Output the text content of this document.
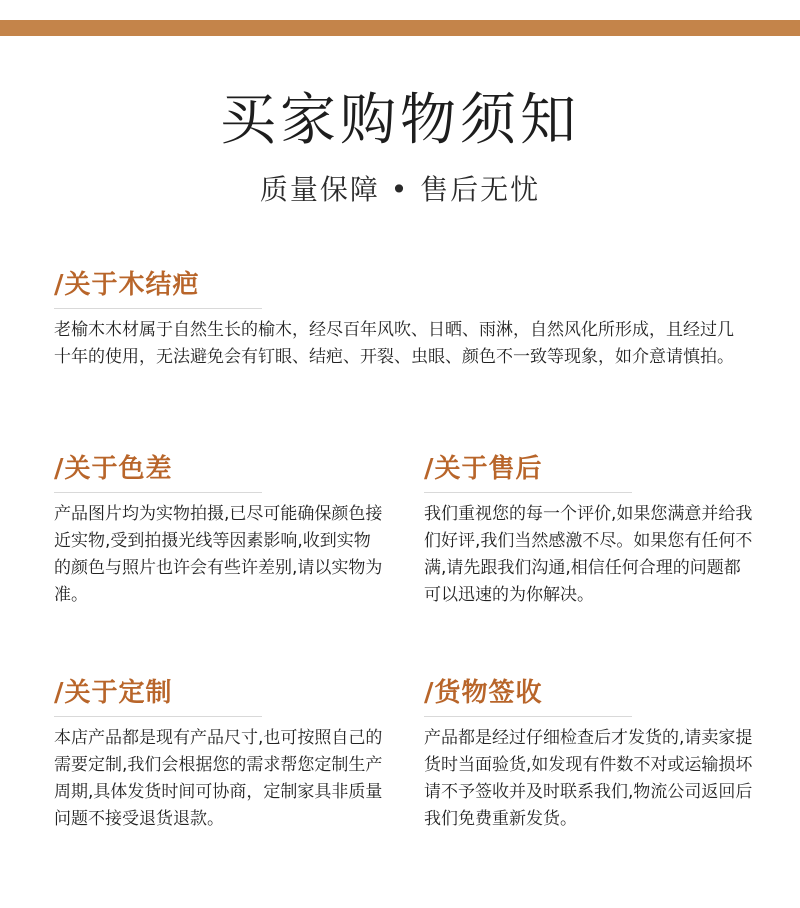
买家购物须知
质量保障 • 售后无忧
/关于木结疤
老榆木木材属于自然生长的榆木，经尽百年风吹、日晒、雨淋，自然风化所形成，且经过几十年的使用，无法避免会有钉眼、结疤、开裂、虫眼、颜色不一致等现象，如介意请慎拍。
/关于色差
产品图片均为实物拍摄,已尽可能确保颜色接近实物,受到拍摄光线等因素影响,收到实物的颜色与照片也许会有些许差别,请以实物为准。
/关于售后
我们重视您的每一个评价,如果您满意并给我们好评,我们当然感激不尽。如果您有任何不满,请先跟我们沟通,相信任何合理的问题都可以迅速的为你解决。
/关于定制
本店产品都是现有产品尺寸,也可按照自己的需要定制,我们会根据您的需求帮您定制生产周期,具体发货时间可协商，定制家具非质量问题不接受退货退款。
/货物签收
产品都是经过仔细检查后才发货的,请卖家提货时当面验货,如发现有件数不对或运输损坏请不予签收并及时联系我们,物流公司返回后我们免费重新发货。
